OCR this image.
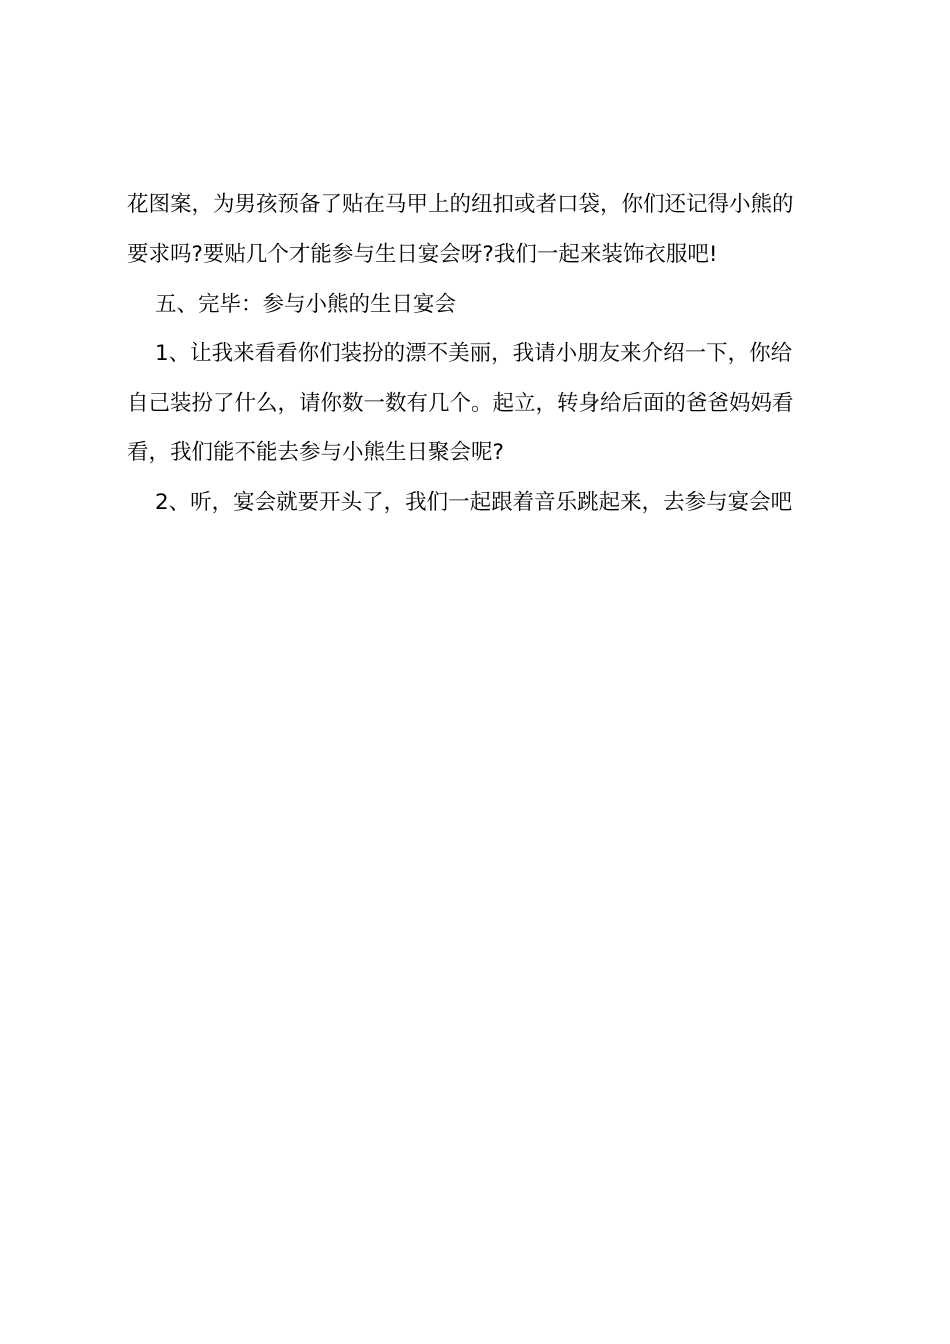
花图案，为男孩预备了贴在马甲上的纽扣或者口袋，你们还记得小熊的
要求吗?要贴几个才能参与生日宴会呀?我们一起来装饰衣服吧!
五、完毕：参与小熊的生日宴会
1、让我来看看你们装扮的漂不美丽，我请小朋友来介绍一下，你给
自己装扮了什么，请你数一数有几个。起立，转身给后面的爸爸妈妈看
看，我们能不能去参与小熊生日聚会呢?
2、听，宴会就要开头了，我们一起跟着音乐跳起来，去参与宴会吧
